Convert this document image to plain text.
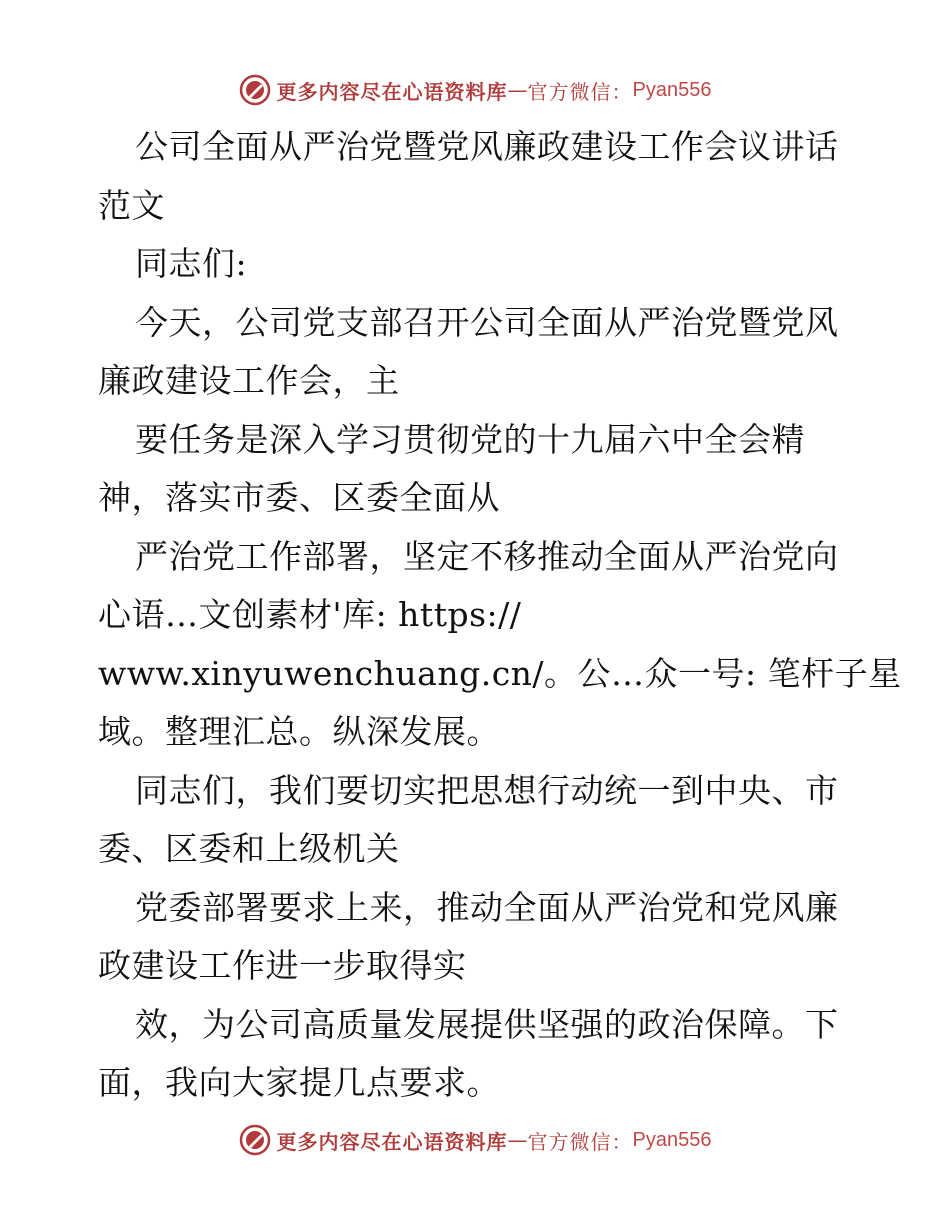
更多内容尽在心语资料库 — 官方微信： Pyan556
公司全面从严治党暨党风廉政建设工作会议讲话
范文
同志们:
今天，公司党支部召开公司全面从严治党暨党风
廉政建设工作会，主
要任务是深入学习贯彻党的十九届六中全会精
神，落实市委、区委全面从
严治党工作部署，坚定不移推动全面从严治党向
心语…文创素材'库: https://
www.xinyuwenchuang.cn/。公…众一号: 笔杆子星
域。整理汇总。纵深发展。
同志们，我们要切实把思想行动统一到中央、市
委、区委和上级机关
党委部署要求上来，推动全面从严治党和党风廉
政建设工作进一步取得实
效，为公司高质量发展提供坚强的政治保障。下
面，我向大家提几点要求。
更多内容尽在心语资料库 — 官方微信： Pyan556
